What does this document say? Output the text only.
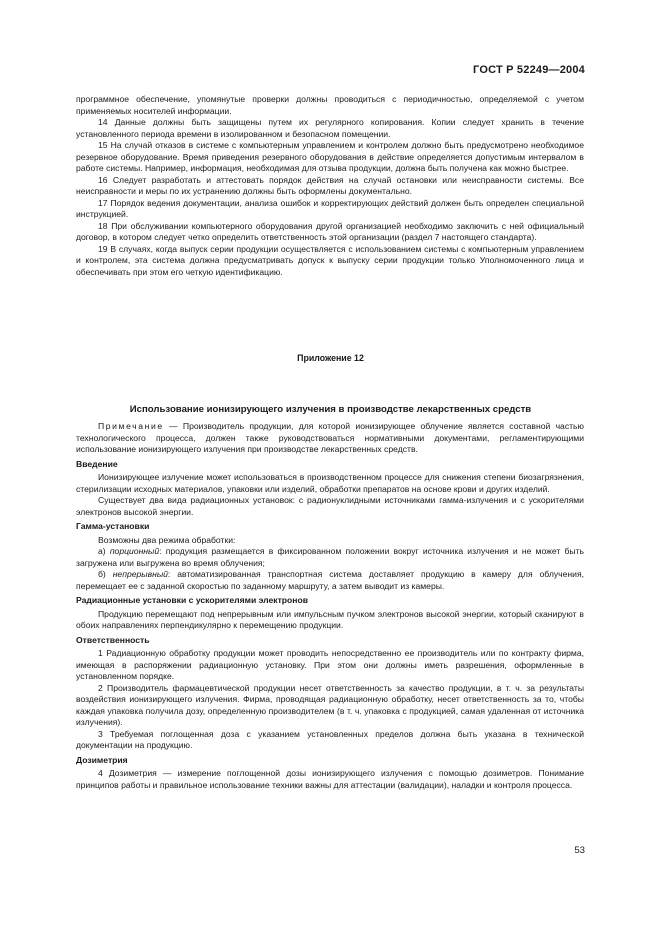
ГОСТ Р 52249—2004

программное обеспечение, упомянутые проверки должны проводиться с периодичностью, определяемой с учетом применяемых носителей информации.

14 Данные должны быть защищены путем их регулярного копирования. Копии следует хранить в течение установленного периода времени в изолированном и безопасном помещении.

15 На случай отказов в системе с компьютерным управлением и контролем должно быть предусмотрено необходимое резервное оборудование. Время приведения резервного оборудования в действие определяется допустимым интервалом в работе системы. Например, информация, необходимая для отзыва продукции, должна быть получена как можно быстрее.

16 Следует разработать и аттестовать порядок действия на случай остановки или неисправности системы. Все неисправности и меры по их устранению должны быть оформлены документально.

17 Порядок ведения документации, анализа ошибок и корректирующих действий должен быть определен специальной инструкцией.

18 При обслуживании компьютерного оборудования другой организацией необходимо заключить с ней официальный договор, в котором следует четко определить ответственность этой организации (раздел 7 настоящего стандарта).

19 В случаях, когда выпуск серии продукции осуществляется с использованием системы с компьютерным управлением и контролем, эта система должна предусматривать допуск к выпуску серии продукции только Уполномоченного лица и обеспечивать при этом его четкую идентификацию.

Приложение 12
Использование ионизирующего излучения в производстве лекарственных средств

Примечание — Производитель продукции, для которой ионизирующее облучение является составной частью технологического процесса, должен также руководствоваться нормативными документами, регламентирующими использование ионизирующего излучения при производстве лекарственных средств.

Введение

Ионизирующее излучение может использоваться в производственном процессе для снижения степени биозагрязнения, стерилизации исходных материалов, упаковки или изделий, обработки препаратов на основе крови и других изделий.

Существует два вида радиационных установок: с радионуклидными источниками гамма-излучения и с ускорителями электронов высокой энергии.

Гамма-установки

Возможны два режима обработки:

а) порционный: продукция размещается в фиксированном положении вокруг источника излучения и не может быть загружена или выгружена во время облучения;

б) непрерывный: автоматизированная транспортная система доставляет продукцию в камеру для облучения, перемещает ее с заданной скоростью по заданному маршруту, а затем выводит из камеры.

Радиационные установки с ускорителями электронов

Продукцию перемещают под непрерывным или импульсным пучком электронов высокой энергии, который сканируют в обоих направлениях перпендикулярно к перемещению продукции.

Ответственность

1 Радиационную обработку продукции может проводить непосредственно ее производитель или по контракту фирма, имеющая в распоряжении радиационную установку. При этом они должны иметь разрешения, оформленные в установленном порядке.

2 Производитель фармацевтической продукции несет ответственность за качество продукции, в т. ч. за результаты воздействия ионизирующего излучения. Фирма, проводящая радиационную обработку, несет ответственность за то, чтобы каждая упаковка получила дозу, определенную производителем (в т. ч. упаковка с продукцией, самая удаленная от источника излучения).

3 Требуемая поглощенная доза с указанием установленных пределов должна быть указана в технической документации на продукцию.

Дозиметрия

4 Дозиметрия — измерение поглощенной дозы ионизирующего излучения с помощью дозиметров. Понимание принципов работы и правильное использование техники важны для аттестации (валидации), наладки и контроля процесса.

53
